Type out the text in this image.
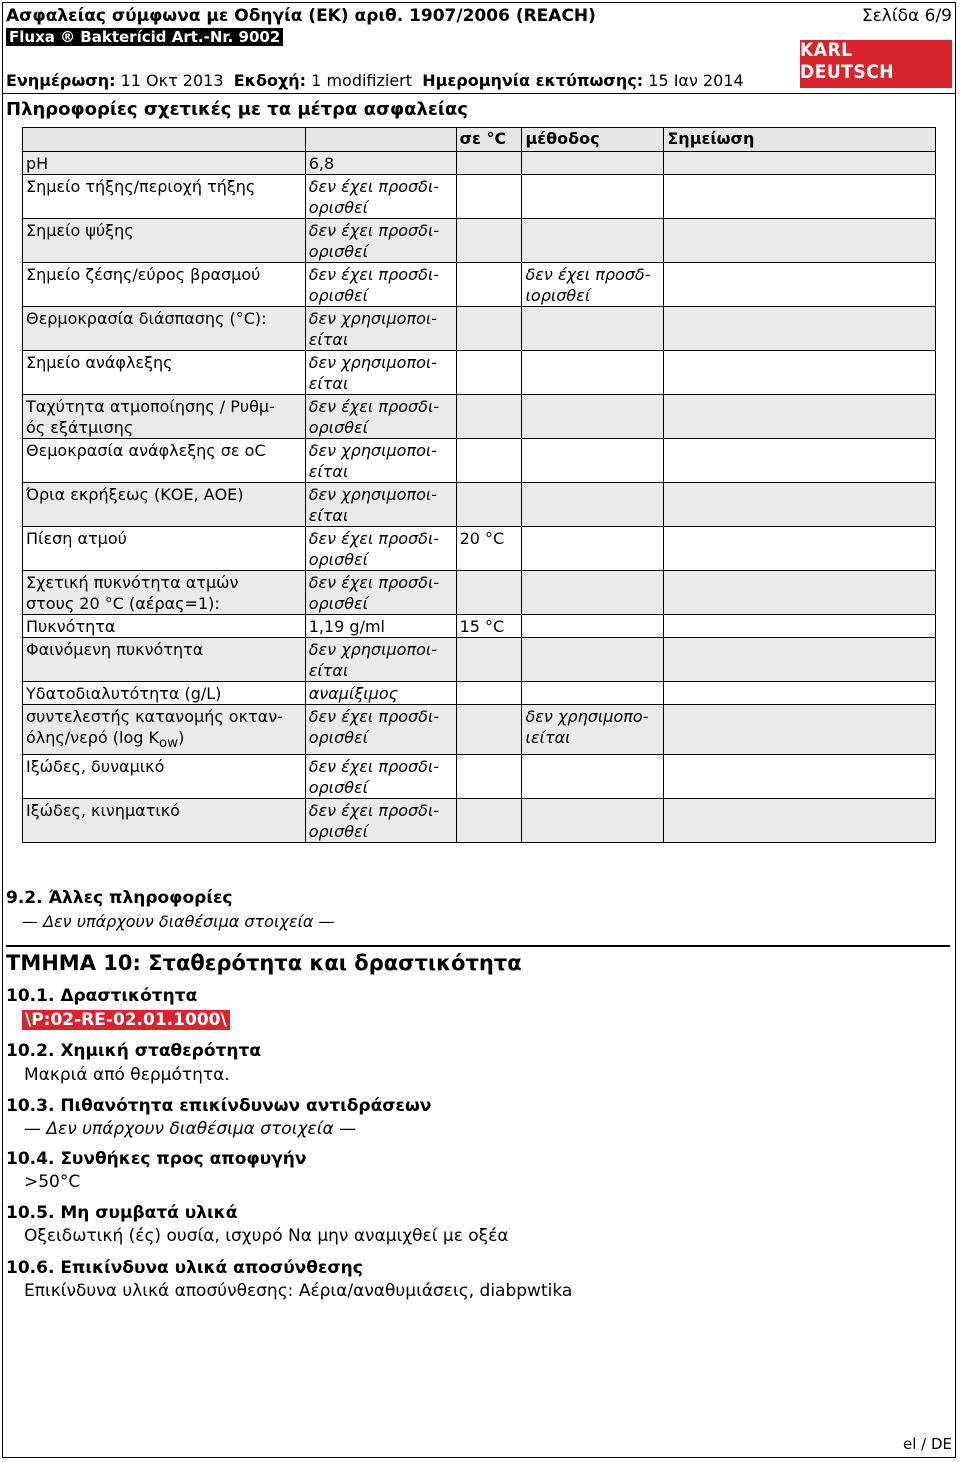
Ασφαλείας σύμφωνα με Οδηγία (ΕΚ) αριθ. 1907/2006 (REACH)	Σελίδα 6/9
Fluxa ® Bakterícid Art.-Nr. 9002
Ενημέρωση: 11 Οκτ 2013 Εκδοχή: 1 modifiziert Ημερομηνία εκτύπωσης: 15 Ιαν 2014
KARL DEUTSCH
Πληροφορίες σχετικές με τα μέτρα ασφαλείας
		σε °C	μέθοδος	Σημείωση
pH	6,8			
Σημείο τήξης/περιοχή τήξης	δεν έχει προσδι-
ορισθεί			
Σημείο ψύξης	δεν έχει προσδι-
ορισθεί			
Σημείο ζέσης/εύρος βρασμού	δεν έχει προσδι-
ορισθεί		δεν έχει προσδ-
ιορισθεί	
Θερμοκρασία διάσπασης (°C):	δεν χρησιμοποι-
είται			
Σημείο ανάφλεξης	δεν χρησιμοποι-
είται			
Ταχύτητα ατμοποίησης / Ρυθμ-
ός εξάτμισης	δεν έχει προσδι-
ορισθεί			
Θεμοκρασία ανάφλεξης σε oC	δεν χρησιμοποι-
είται			
Όρια εκρήξεως (ΚΟΕ, ΑΟΕ)	δεν χρησιμοποι-
είται			
Πίεση ατμού	δεν έχει προσδι-
ορισθεί	20 °C		
Σχετική πυκνότητα ατμών
στους 20 °C (αέρας=1):	δεν έχει προσδι-
ορισθεί			
Πυκνότητα	1,19 g/ml	15 °C		
Φαινόμενη πυκνότητα	δεν χρησιμοποι-
είται			
Υδατοδιαλυτότητα (g/L)	αναμίξιμος			
συντελεστής κατανομής οκταν-
όλης/νερό (log $K_{ow}$)	δεν έχει προσδι-
ορισθεί		δεν χρησιμοπο-
ιείται	
Ιξώδες, δυναμικό	δεν έχει προσδι-
ορισθεί			
Ιξώδες, κινηματικό	δεν έχει προσδι-
ορισθεί			
9.2. Άλλες πληροφορίες
— Δεν υπάρχουν διαθέσιμα στοιχεία —
ΤΜΗΜΑ 10: Σταθερότητα και δραστικότητα
10.1. Δραστικότητα
\P:02-RE-02.01.1000\
10.2. Χημική σταθερότητα
Μακριά από θερμότητα.
10.3. Πιθανότητα επικίνδυνων αντιδράσεων
— Δεν υπάρχουν διαθέσιμα στοιχεία —
10.4. Συνθήκες προς αποφυγήν
>50°C
10.5. Μη συμβατά υλικά
Οξειδωτική (ές) ουσία, ισχυρό Να μην αναμιχθεί με οξέα
10.6. Επικίνδυνα υλικά αποσύνθεσης
Επικίνδυνα υλικά αποσύνθεσης: Αέρια/αναθυμιάσεις, diabpwtika
el / DE
